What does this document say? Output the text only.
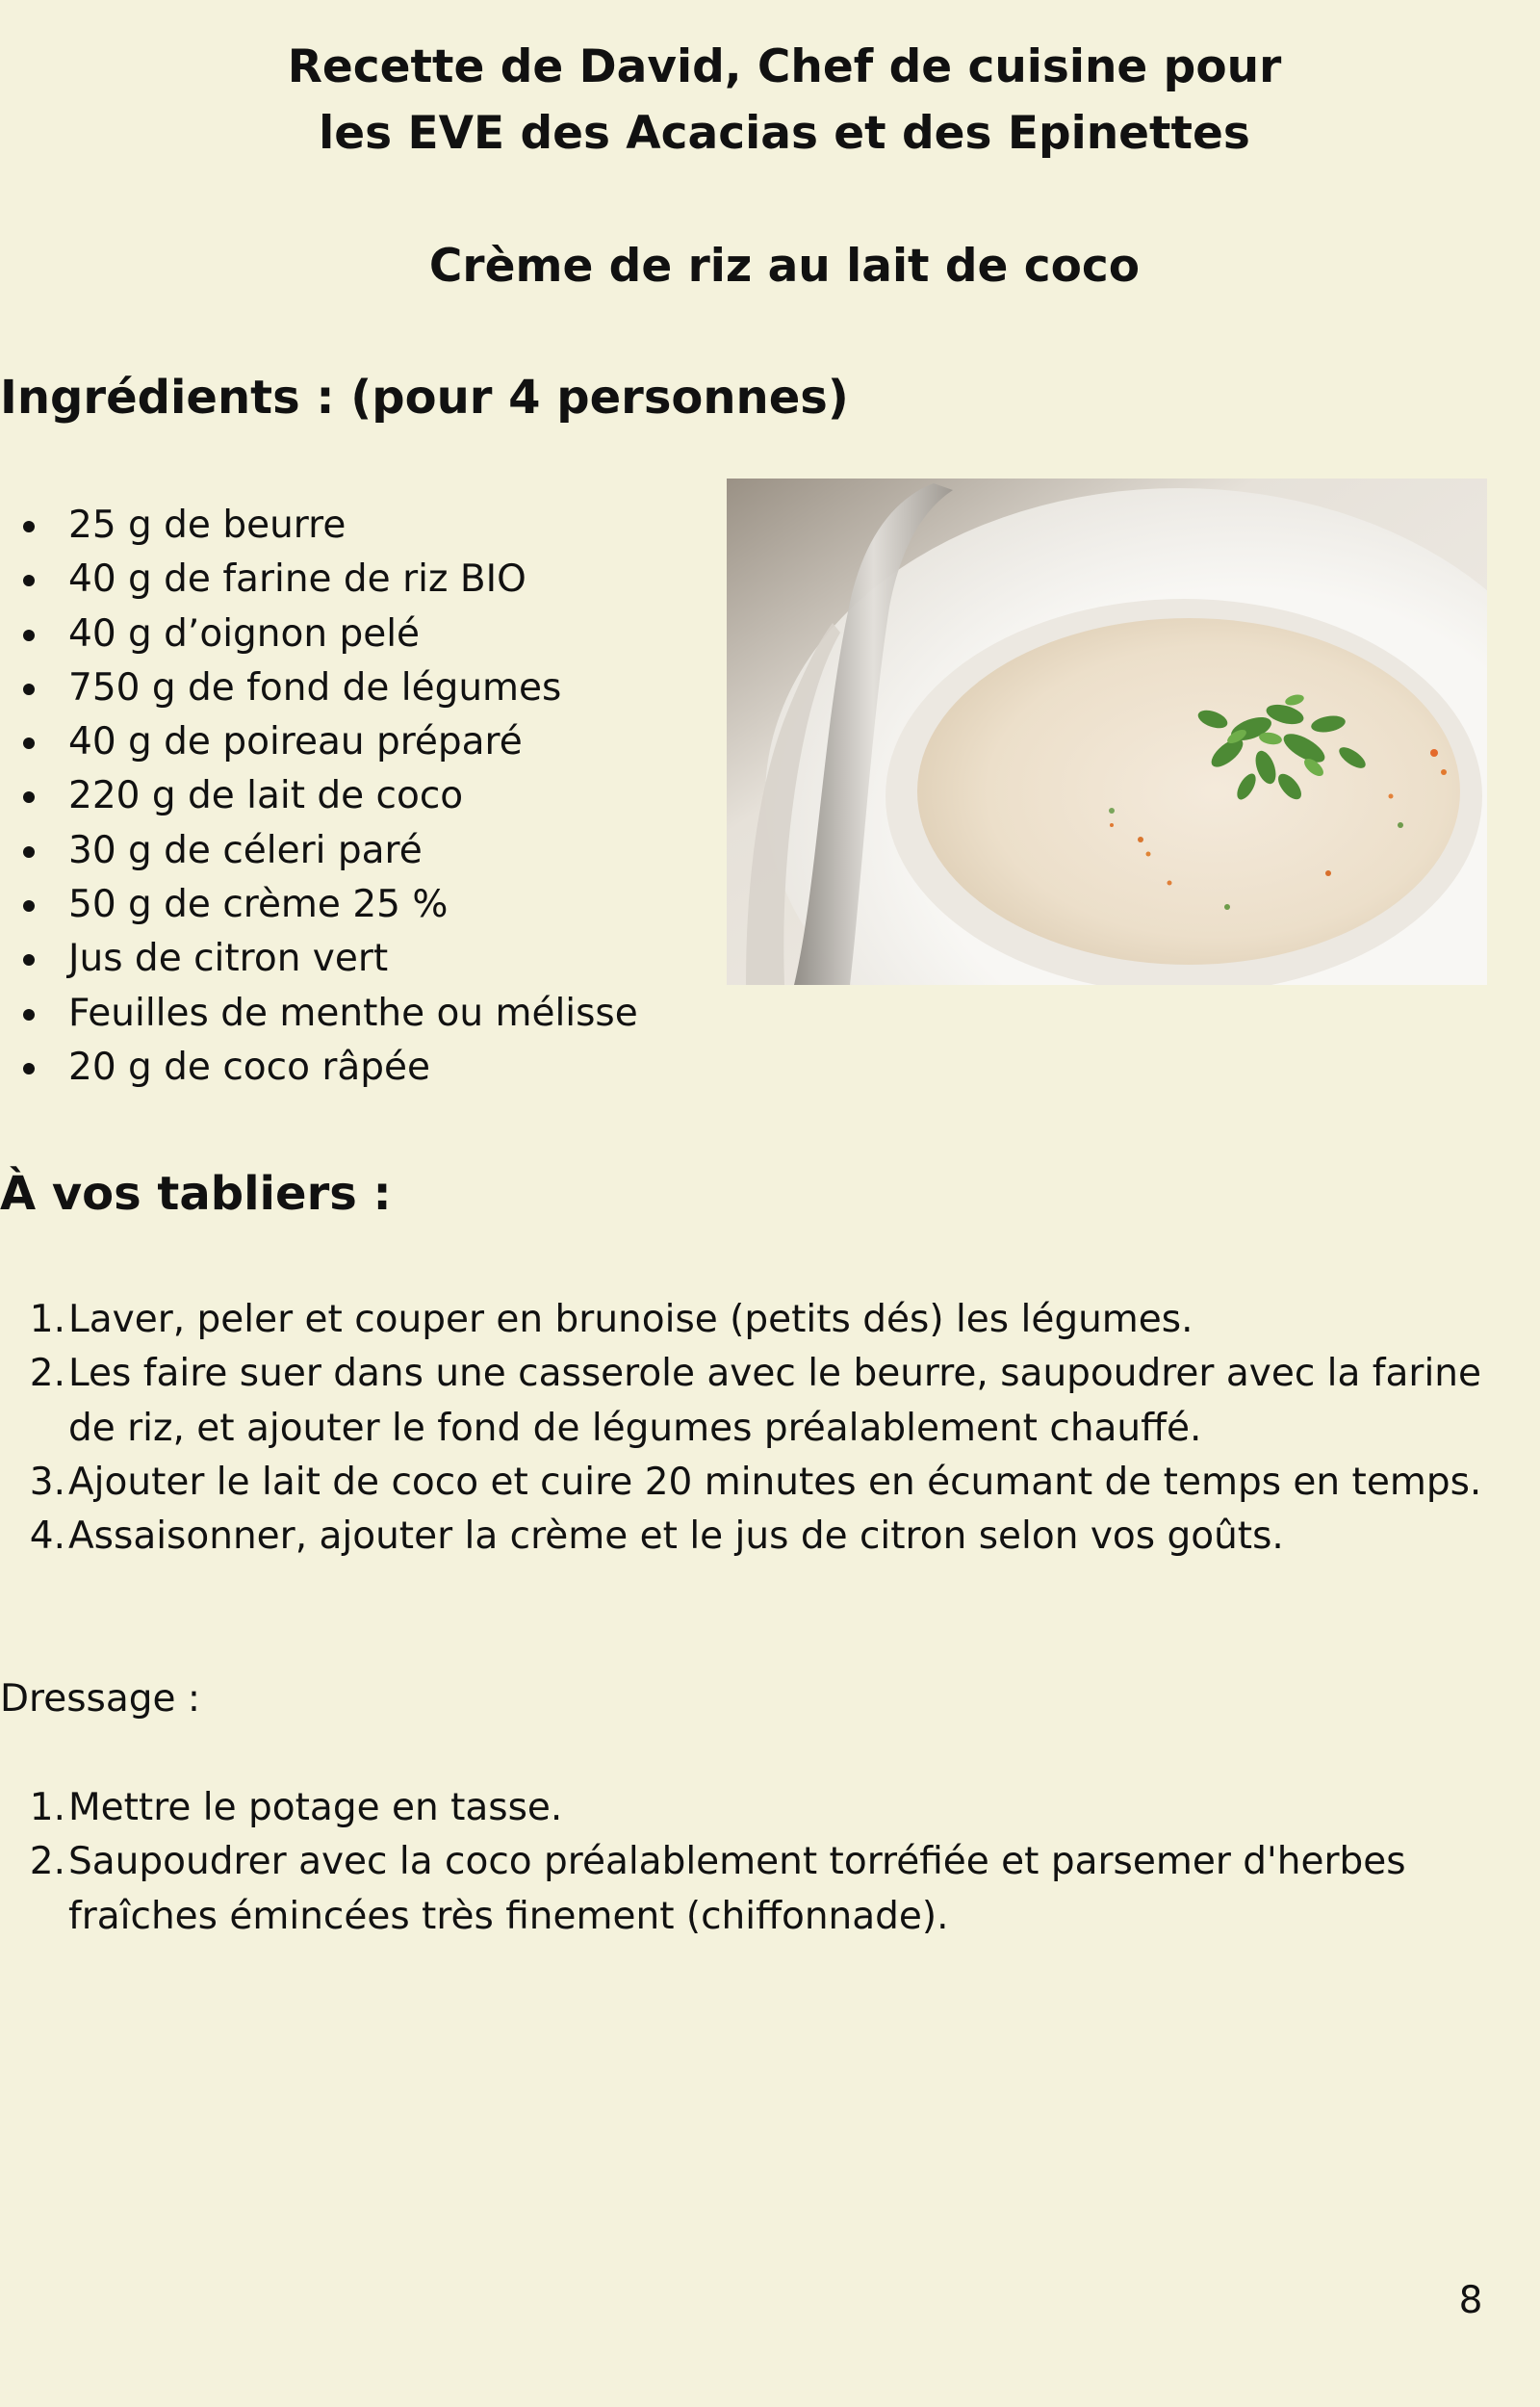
Recette de David, Chef de cuisine pour
les EVE des Acacias et des Epinettes
Crème de riz au lait de coco
Ingrédients : (pour 4 personnes)
25 g de beurre
40 g de farine de riz BIO
40 g d’oignon pelé
750 g de fond de légumes
40 g de poireau préparé
220 g de lait de coco
30 g de céleri paré
50 g de crème 25 %
Jus de citron vert
Feuilles de menthe ou mélisse
20 g de coco râpée
À vos tabliers :
1. Laver, peler et couper en brunoise (petits dés) les légumes.
2. Les faire suer dans une casserole avec le beurre, saupoudrer avec la farine de riz, et ajouter le fond de légumes préalablement chauffé.
3. Ajouter le lait de coco et cuire 20 minutes en écumant de temps en temps.
4. Assaisonner, ajouter la crème et le jus de citron selon vos goûts.

Dressage :

1. Mettre le potage en tasse.
2. Saupoudrer avec la coco préalablement torréfiée et parsemer d'herbes fraîches émincées très finement (chiffonnade).
8
